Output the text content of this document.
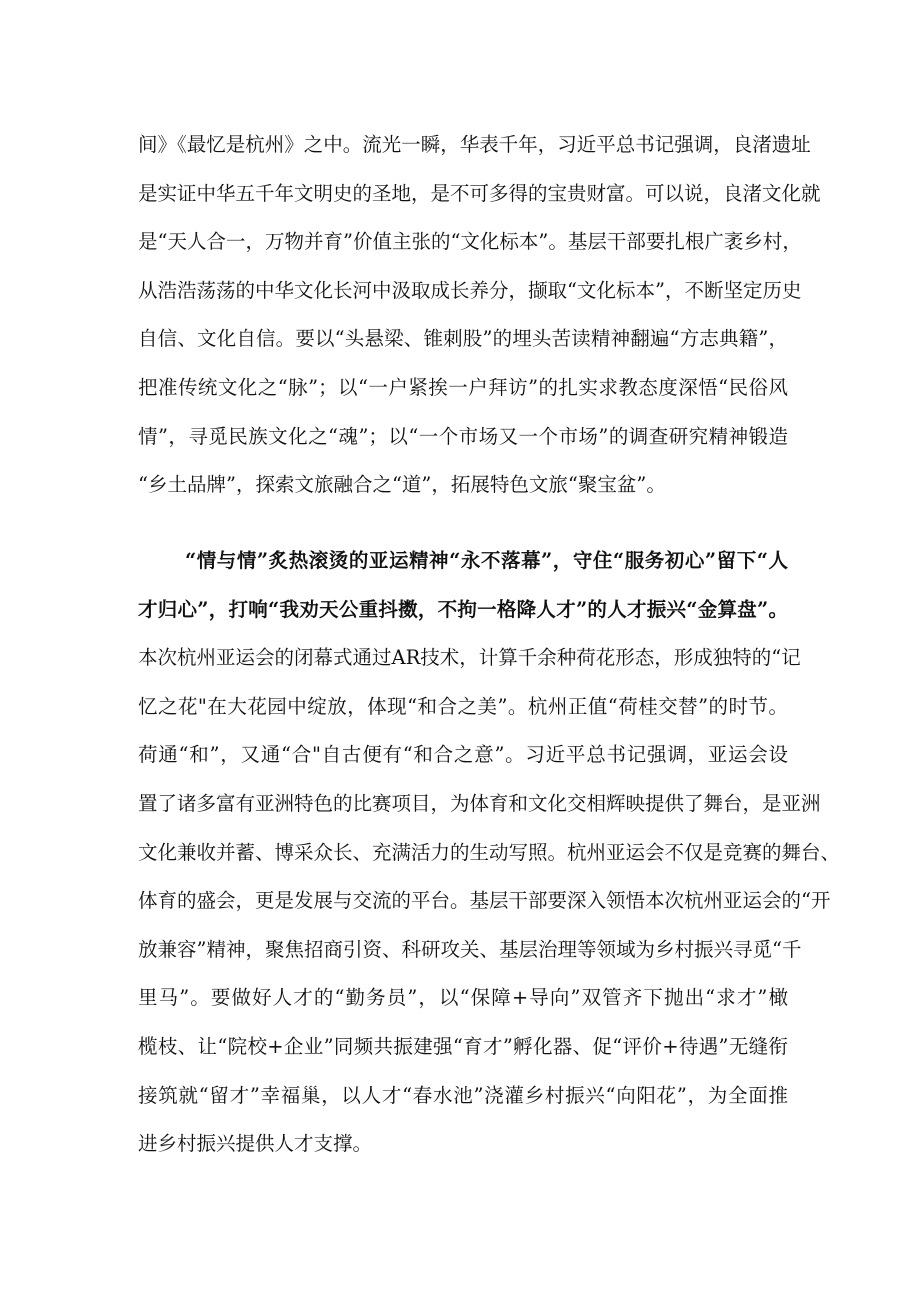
间》《最忆是杭州》之中。流光一瞬，华表千年，习近平总书记强调，良渚遗址
是实证中华五千年文明史的圣地，是不可多得的宝贵财富。可以说，良渚文化就
是“天人合一，万物并育”价值主张的“文化标本”。基层干部要扎根广袤乡村，
从浩浩荡荡的中华文化长河中汲取成长养分，撷取“文化标本”，不断坚定历史
自信、文化自信。要以“头悬梁、锥刺股”的埋头苦读精神翻遍“方志典籍”，
把准传统文化之“脉”；以“一户紧挨一户拜访”的扎实求教态度深悟“民俗风
情”，寻觅民族文化之“魂”；以“一个市场又一个市场”的调查研究精神锻造
“乡土品牌”，探索文旅融合之“道”，拓展特色文旅“聚宝盆”。
“情与情”炙热滚烫的亚运精神“永不落幕”，守住“服务初心”留下“人
才归心”，打响“我劝天公重抖擞，不拘一格降人才”的人才振兴“金算盘”。
本次杭州亚运会的闭幕式通过AR技术，计算千余种荷花形态，形成独特的“记
忆之花"在大花园中绽放，体现“和合之美”。杭州正值“荷桂交替”的时节。
荷通“和”，又通“合"自古便有“和合之意”。习近平总书记强调，亚运会设
置了诸多富有亚洲特色的比赛项目，为体育和文化交相辉映提供了舞台，是亚洲
文化兼收并蓄、博采众长、充满活力的生动写照。杭州亚运会不仅是竞赛的舞台、
体育的盛会，更是发展与交流的平台。基层干部要深入领悟本次杭州亚运会的“开
放兼容”精神，聚焦招商引资、科研攻关、基层治理等领域为乡村振兴寻觅“千
里马”。要做好人才的“勤务员”，以“保障+导向”双管齐下抛出“求才”橄
榄枝、让“院校+企业”同频共振建强“育才”孵化器、促“评价+待遇”无缝衔
接筑就“留才”幸福巢，以人才“春水池”浇灌乡村振兴“向阳花”，为全面推
进乡村振兴提供人才支撑。
